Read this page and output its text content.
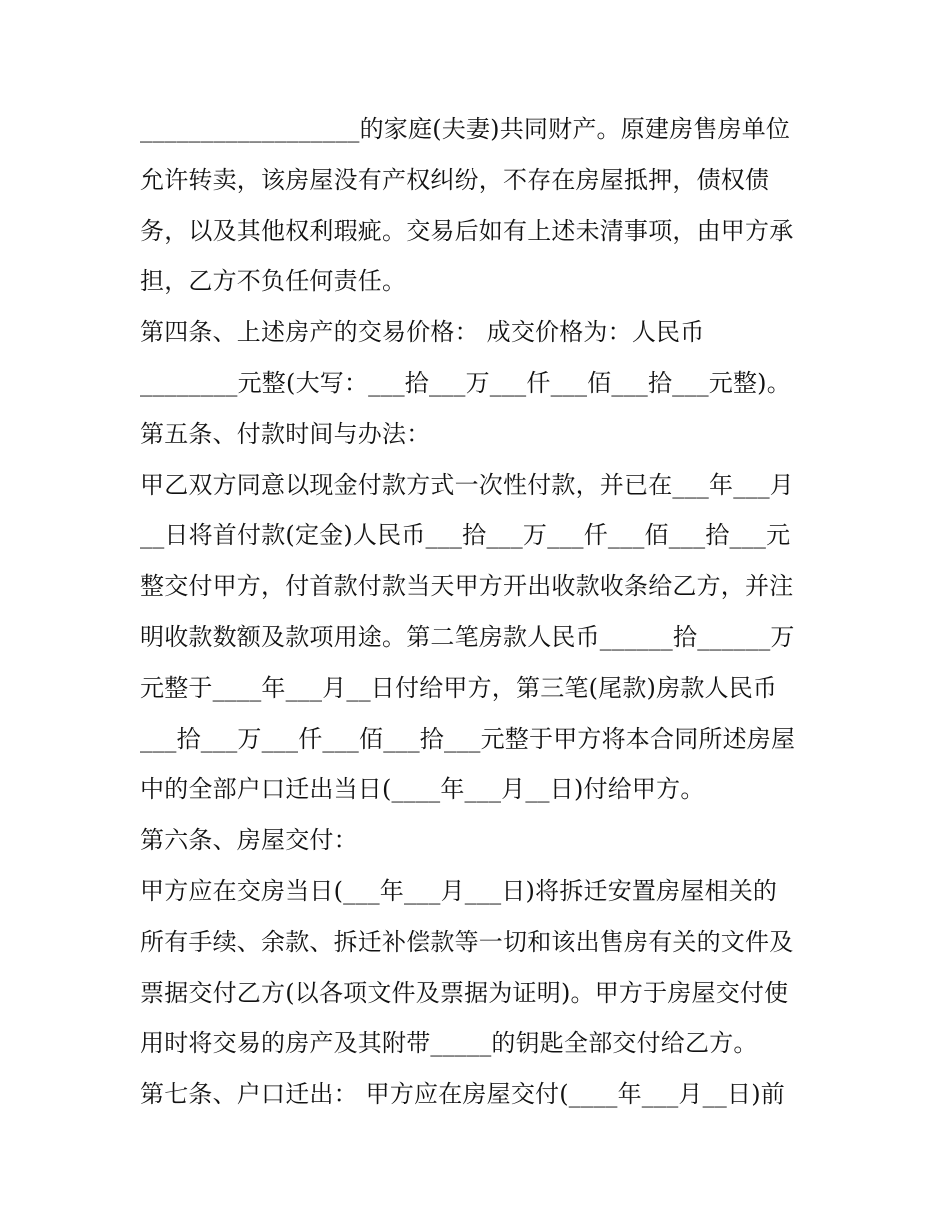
__________________的家庭(夫妻)共同财产。原建房售房单位
允许转卖，该房屋没有产权纠纷，不存在房屋抵押，债权债
务，以及其他权利瑕疵。交易后如有上述未清事项，由甲方承
担，乙方不负任何责任。
第四条、上述房产的交易价格： 成交价格为：人民币
________元整(大写：___拾___万___仟___佰___拾___元整)。
第五条、付款时间与办法：
甲乙双方同意以现金付款方式一次性付款，并已在___年___月
__日将首付款(定金)人民币___拾___万___仟___佰___拾___元
整交付甲方，付首款付款当天甲方开出收款收条给乙方，并注
明收款数额及款项用途。第二笔房款人民币______拾______万
元整于____年___月__日付给甲方，第三笔(尾款)房款人民币
___拾___万___仟___佰___拾___元整于甲方将本合同所述房屋
中的全部户口迁出当日(____年___月__日)付给甲方。
第六条、房屋交付：
甲方应在交房当日(___年___月___日)将拆迁安置房屋相关的
所有手续、余款、拆迁补偿款等一切和该出售房有关的文件及
票据交付乙方(以各项文件及票据为证明)。甲方于房屋交付使
用时将交易的房产及其附带_____的钥匙全部交付给乙方。
第七条、户口迁出： 甲方应在房屋交付(____年___月__日)前
